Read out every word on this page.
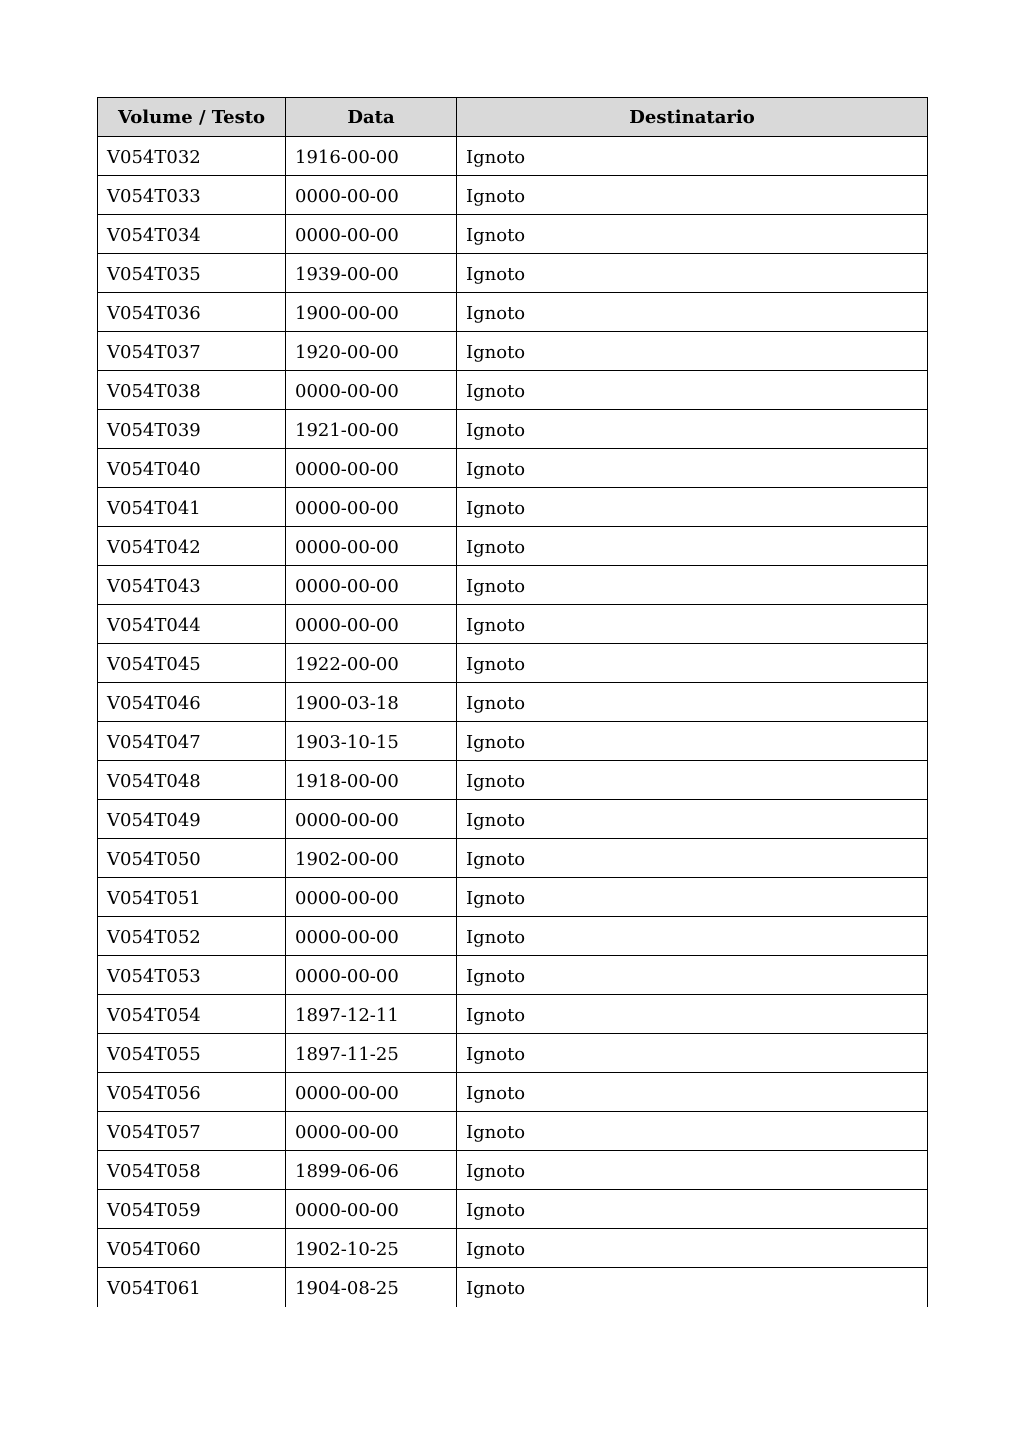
Volume / Testo	Data	Destinatario
V054T032	1916-00-00	Ignoto
V054T033	0000-00-00	Ignoto
V054T034	0000-00-00	Ignoto
V054T035	1939-00-00	Ignoto
V054T036	1900-00-00	Ignoto
V054T037	1920-00-00	Ignoto
V054T038	0000-00-00	Ignoto
V054T039	1921-00-00	Ignoto
V054T040	0000-00-00	Ignoto
V054T041	0000-00-00	Ignoto
V054T042	0000-00-00	Ignoto
V054T043	0000-00-00	Ignoto
V054T044	0000-00-00	Ignoto
V054T045	1922-00-00	Ignoto
V054T046	1900-03-18	Ignoto
V054T047	1903-10-15	Ignoto
V054T048	1918-00-00	Ignoto
V054T049	0000-00-00	Ignoto
V054T050	1902-00-00	Ignoto
V054T051	0000-00-00	Ignoto
V054T052	0000-00-00	Ignoto
V054T053	0000-00-00	Ignoto
V054T054	1897-12-11	Ignoto
V054T055	1897-11-25	Ignoto
V054T056	0000-00-00	Ignoto
V054T057	0000-00-00	Ignoto
V054T058	1899-06-06	Ignoto
V054T059	0000-00-00	Ignoto
V054T060	1902-10-25	Ignoto
V054T061	1904-08-25	Ignoto
